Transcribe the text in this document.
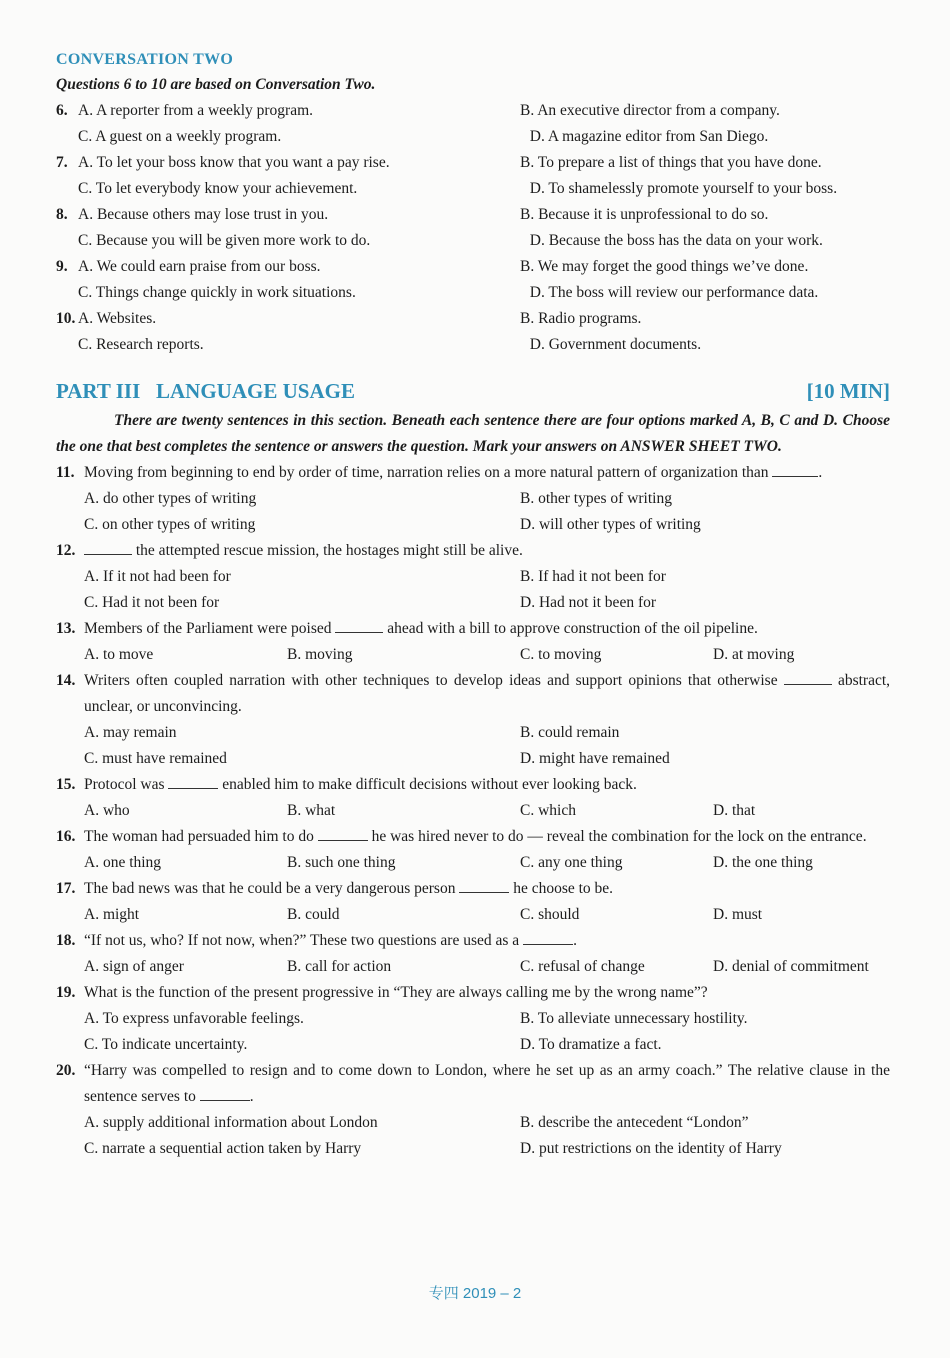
CONVERSATION TWO
Questions 6 to 10 are based on Conversation Two.
6. A. A reporter from a weekly program.	B. An executive director from a company.
C. A guest on a weekly program.	D. A magazine editor from San Diego.
7. A. To let your boss know that you want a pay rise.	B. To prepare a list of things that you have done.
C. To let everybody know your achievement.	D. To shamelessly promote yourself to your boss.
8. A. Because others may lose trust in you.	B. Because it is unprofessional to do so.
C. Because you will be given more work to do.	D. Because the boss has the data on your work.
9. A. We could earn praise from our boss.	B. We may forget the good things we’ve done.
C. Things change quickly in work situations.	D. The boss will review our performance data.
10. A. Websites.	B. Radio programs.
C. Research reports.	D. Government documents.
PART III   LANGUAGE USAGE	[10 MIN]
There are twenty sentences in this section. Beneath each sentence there are four options marked A, B, C and D. Choose the one that best completes the sentence or answers the question. Mark your answers on ANSWER SHEET TWO.
11. Moving from beginning to end by order of time, narration relies on a more natural pattern of organization than	.
A. do other types of writing	B. other types of writing
C. on other types of writing	D. will other types of writing
12.	the attempted rescue mission, the hostages might still be alive.
A. If it not had been for	B. If had it not been for
C. Had it not been for	D. Had not it been for
13. Members of the Parliament were poised	ahead with a bill to approve construction of the oil pipeline.
A. to move	B. moving	C. to moving	D. at moving
14. Writers often coupled narration with other techniques to develop ideas and support opinions that otherwise	abstract, unclear, or unconvincing.
A. may remain	B. could remain
C. must have remained	D. might have remained
15. Protocol was	enabled him to make difficult decisions without ever looking back.
A. who	B. what	C. which	D. that
16. The woman had persuaded him to do	he was hired never to do — reveal the combination for the lock on the entrance.
A. one thing	B. such one thing	C. any one thing	D. the one thing
17. The bad news was that he could be a very dangerous person	he choose to be.
A. might	B. could	C. should	D. must
18. “If not us, who? If not now, when?” These two questions are used as a	.
A. sign of anger	B. call for action	C. refusal of change	D. denial of commitment
19. What is the function of the present progressive in “They are always calling me by the wrong name”?
A. To express unfavorable feelings.	B. To alleviate unnecessary hostility.
C. To indicate uncertainty.	D. To dramatize a fact.
20. “Harry was compelled to resign and to come down to London, where he set up as an army coach.” The relative clause in the sentence serves to	.
A. supply additional information about London	B. describe the antecedent “London”
C. narrate a sequential action taken by Harry	D. put restrictions on the identity of Harry
专四 2019 – 2
